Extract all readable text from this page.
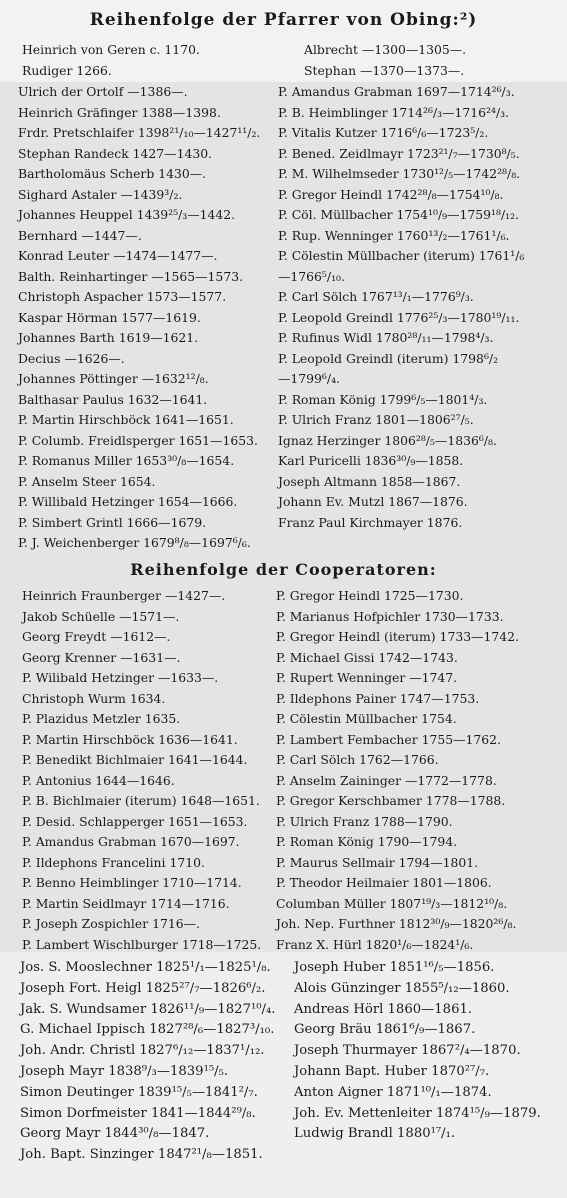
Reihenfolge der Pfarrer von Obing:²)
Heinrich von Geren c. 1170.
Rudiger 1266.
Albrecht —1300—1305—.
Stephan —1370—1373—.
Ulrich der Ortolf —1386—.
Heinrich Gräfinger 1388—1398.
Frdr. Pretschlaifer 1398²¹/₁₀—1427¹¹/₂.
Stephan Randeck 1427—1430.
Bartholomäus Scherb 1430—.
Sighard Astaler —1439³/₂.
Johannes Heuppel 1439²⁵/₃—1442.
Bernhard —1447—.
Konrad Leuter —1474—1477—.
Balth. Reinhartinger —1565—1573.
Christoph Aspacher 1573—1577.
Kaspar Hörman 1577—1619.
Johannes Barth 1619—1621.
Decius —1626—.
Johannes Pöttinger —1632¹²/₈.
Balthasar Paulus 1632—1641.
P. Martin Hirschböck 1641—1651.
P. Columb. Freidlsperger 1651—1653.
P. Romanus Miller 1653³⁰/₈—1654.
P. Anselm Steer 1654.
P. Willibald Hetzinger 1654—1666.
P. Simbert Grintl 1666—1679.
P. J. Weichenberger 1679⁸/₈—1697⁶/₆.
P. Amandus Grabman 1697—1714²⁶/₃.
P. B. Heimblinger 1714²⁶/₃—1716²⁴/₃.
P. Vitalis Kutzer 1716⁶/₆—1723⁵/₂.
P. Bened. Zeidlmayr 1723²¹/₇—1730⁸/₅.
P. M. Wilhelmseder 1730¹²/₅—1742²⁸/₈.
P. Gregor Heindl 1742²⁸/₈—1754¹⁰/₈.
P. Cöl. Müllbacher 1754¹⁰/₉—1759¹⁸/₁₂.
P. Rup. Wenninger 1760¹³/₂—1761¹/₆.
P. Cölestin Müllbacher (iterum) 1761¹/₆
—1766⁵/₁₀.
P. Carl Sölch 1767¹³/₁—1776⁹/₃.
P. Leopold Greindl 1776²⁵/₃—1780¹⁹/₁₁.
P. Rufinus Widl 1780²⁸/₁₁—1798⁴/₃.
P. Leopold Greindl (iterum) 1798⁶/₂
—1799⁶/₄.
P. Roman König 1799⁶/₅—1801⁴/₃.
P. Ulrich Franz 1801—1806²⁷/₅.
Ignaz Herzinger 1806²⁸/₅—1836⁶/₈.
Karl Puricelli 1836³⁰/₉—1858.
Joseph Altmann 1858—1867.
Johann Ev. Mutzl 1867—1876.
Franz Paul Kirchmayer 1876.
Reihenfolge der Cooperatoren:
Heinrich Fraunberger —1427—.
Jakob Schüelle —1571—.
Georg Freydt —1612—.
Georg Krenner —1631—.
P. Wilibald Hetzinger —1633—.
Christoph Wurm 1634.
P. Plazidus Metzler 1635.
P. Martin Hirschböck 1636—1641.
P. Benedikt Bichlmaier 1641—1644.
P. Antonius 1644—1646.
P. B. Bichlmaier (iterum) 1648—1651.
P. Desid. Schlapperger 1651—1653.
P. Amandus Grabman 1670—1697.
P. Ildephons Francelini 1710.
P. Benno Heimblinger 1710—1714.
P. Martin Seidlmayr 1714—1716.
P. Joseph Zospichler 1716—.
P. Lambert Wischlburger 1718—1725.
P. Gregor Heindl 1725—1730.
P. Marianus Hofpichler 1730—1733.
P. Gregor Heindl (iterum) 1733—1742.
P. Michael Gissi 1742—1743.
P. Rupert Wenninger —1747.
P. Ildephons Painer 1747—1753.
P. Cölestin Müllbacher 1754.
P. Lambert Fembacher 1755—1762.
P. Carl Sölch 1762—1766.
P. Anselm Zaininger —1772—1778.
P. Gregor Kerschbamer 1778—1788.
P. Ulrich Franz 1788—1790.
P. Roman König 1790—1794.
P. Maurus Sellmair 1794—1801.
P. Theodor Heilmaier 1801—1806.
Columban Müller 1807¹⁹/₃—1812¹⁰/₈.
Joh. Nep. Furthner 1812³⁰/₉—1820²⁶/₈.
Franz X. Hürl 1820¹/₆—1824¹/₆.
Jos. S. Mooslechner 1825¹/₁—1825¹/₈.
Joseph Fort. Heigl 1825²⁷/₇—1826⁶/₂.
Jak. S. Wundsamer 1826¹¹/₉—1827¹⁰/₄.
G. Michael Ippisch 1827²⁸/₆—1827³/₁₀.
Joh. Andr. Christl 1827⁶/₁₂—1837¹/₁₂.
Joseph Mayr 1838⁹/₃—1839¹⁵/₅.
Simon Deutinger 1839¹⁵/₅—1841²/₇.
Simon Dorfmeister 1841—1844²⁹/₈.
Georg Mayr 1844³⁰/₈—1847.
Joh. Bapt. Sinzinger 1847²¹/₈—1851.
Joseph Huber 1851¹⁶/₅—1856.
Alois Günzinger 1855⁵/₁₂—1860.
Andreas Hörl 1860—1861.
Georg Bräu 1861⁶/₉—1867.
Joseph Thurmayer 1867²/₄—1870.
Johann Bapt. Huber 1870²⁷/₇.
Anton Aigner 1871¹⁰/₁—1874.
Joh. Ev. Mettenleiter 1874¹⁵/₉—1879.
Ludwig Brandl 1880¹⁷/₁.
